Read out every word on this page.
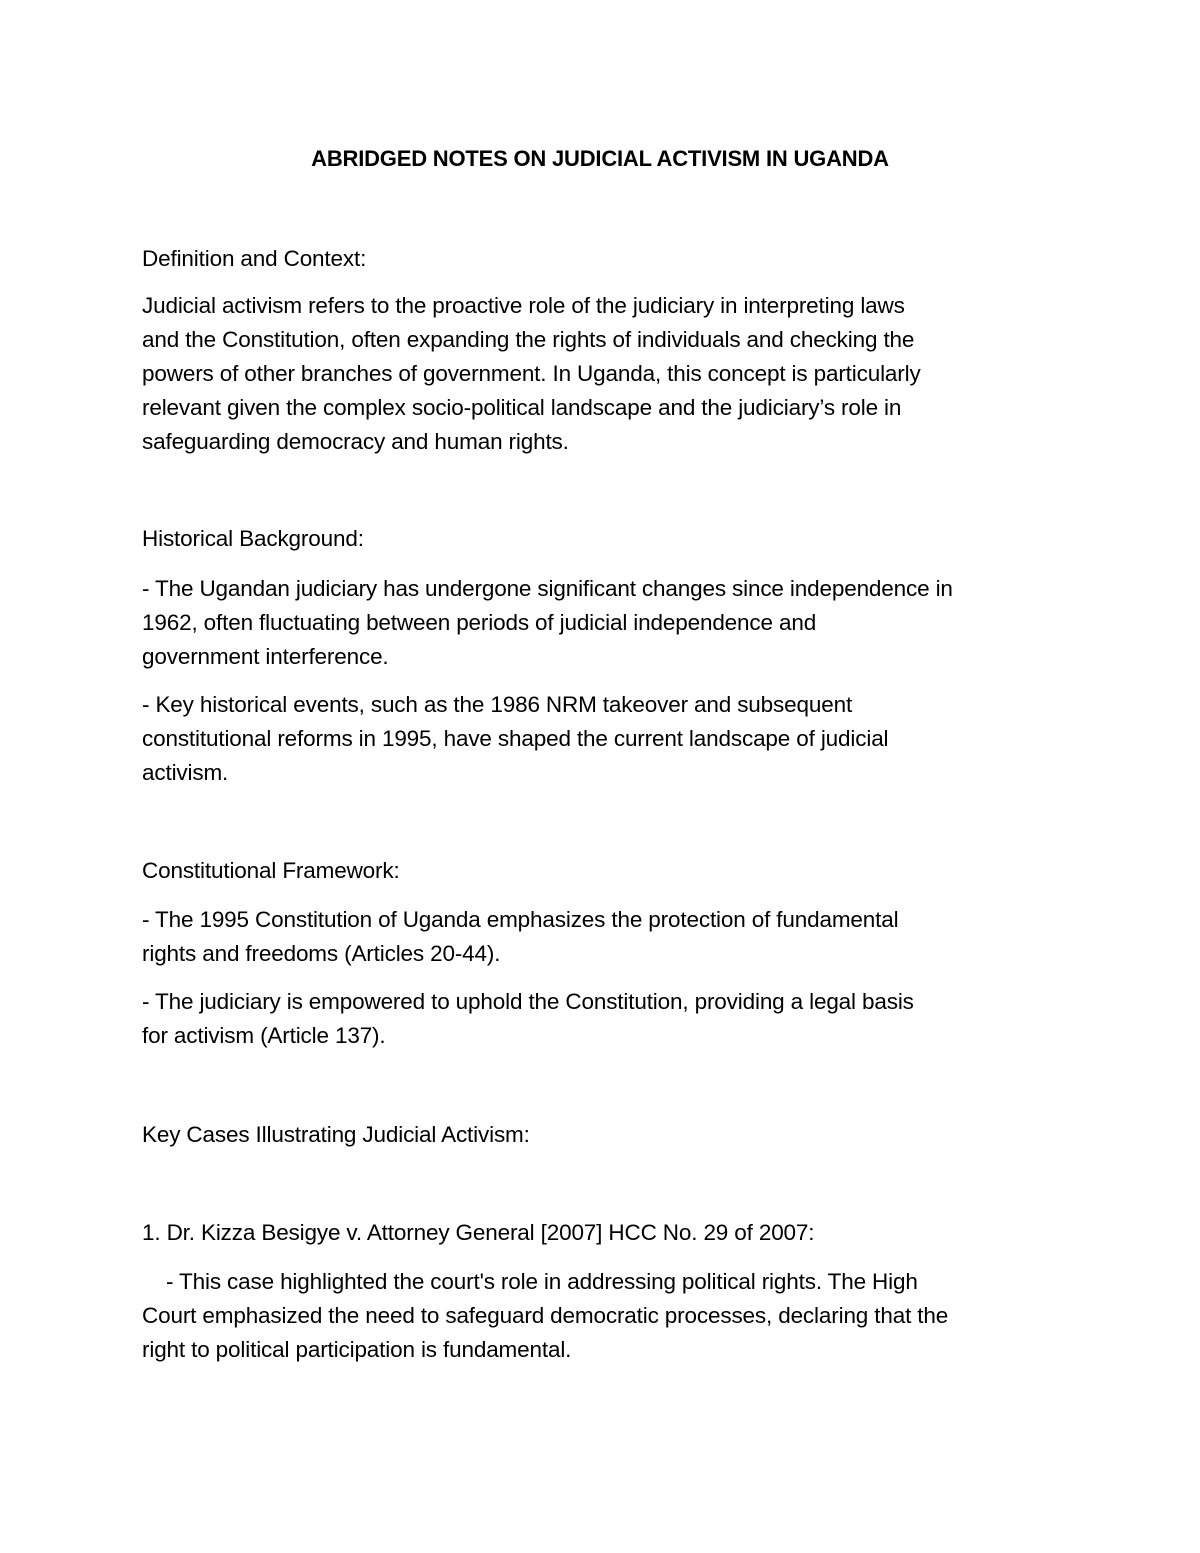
ABRIDGED NOTES ON JUDICIAL ACTIVISM IN UGANDA
Definition and Context:
Judicial activism refers to the proactive role of the judiciary in interpreting laws
and the Constitution, often expanding the rights of individuals and checking the
powers of other branches of government. In Uganda, this concept is particularly
relevant given the complex socio-political landscape and the judiciary’s role in
safeguarding democracy and human rights.
Historical Background:
- The Ugandan judiciary has undergone significant changes since independence in
1962, often fluctuating between periods of judicial independence and
government interference.
- Key historical events, such as the 1986 NRM takeover and subsequent
constitutional reforms in 1995, have shaped the current landscape of judicial
activism.
Constitutional Framework:
- The 1995 Constitution of Uganda emphasizes the protection of fundamental
rights and freedoms (Articles 20-44).
- The judiciary is empowered to uphold the Constitution, providing a legal basis
for activism (Article 137).
Key Cases Illustrating Judicial Activism:
1. Dr. Kizza Besigye v. Attorney General [2007] HCC No. 29 of 2007:
- This case highlighted the court's role in addressing political rights. The High
Court emphasized the need to safeguard democratic processes, declaring that the
right to political participation is fundamental.
